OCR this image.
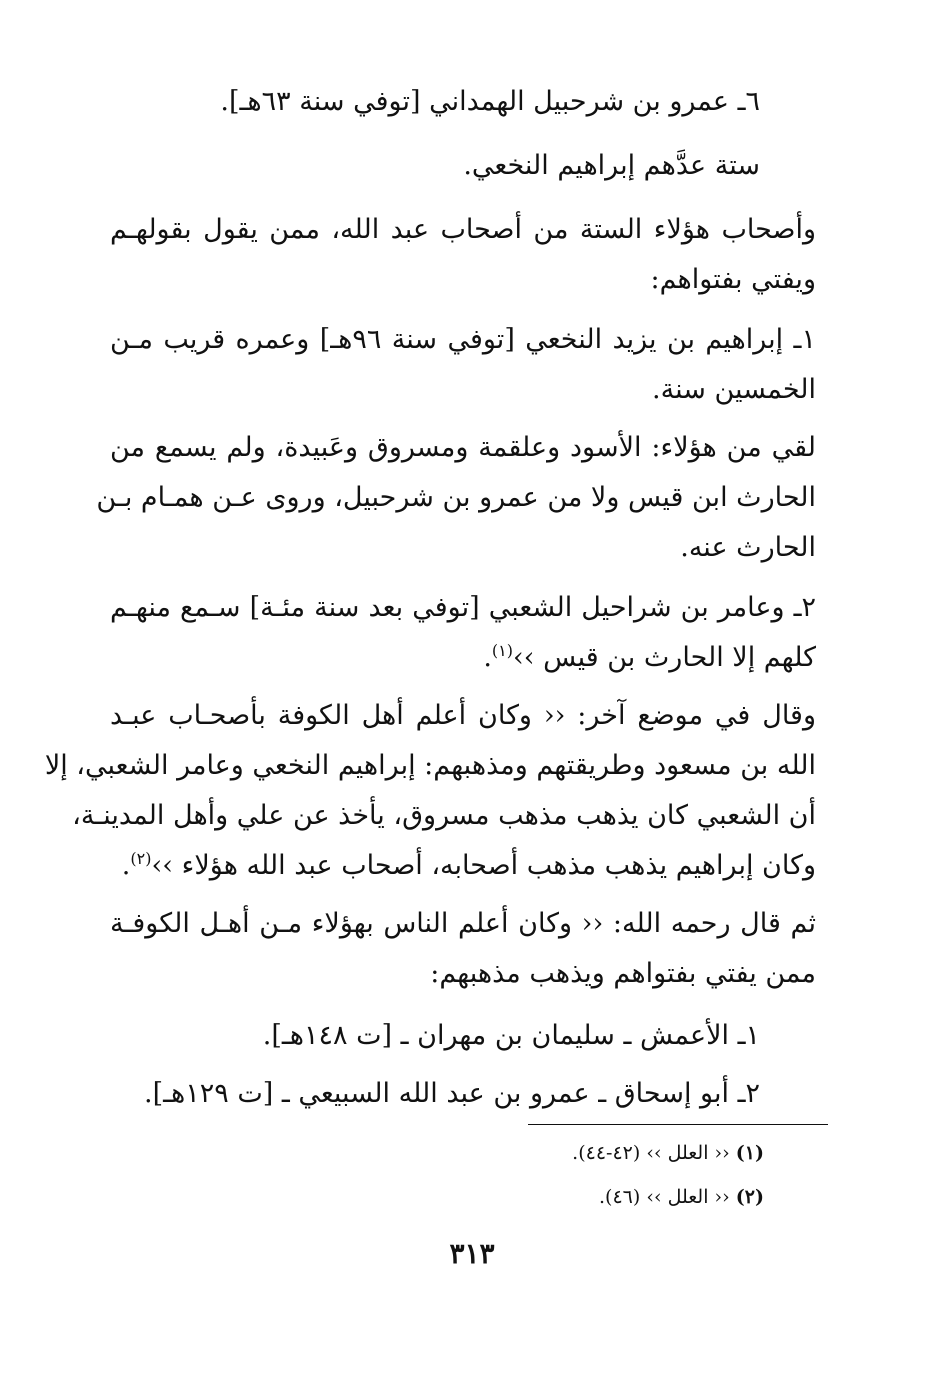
٦ـ عمرو بن شرحبيل الهمداني [توفي سنة ٦٣هـ].
ستة عدَّهم إبراهيم النخعي.
وأصحاب هؤلاء الستة من أصحاب عبد الله، ممن يقول بقولهـم
ويفتي بفتواهم:
١ـ إبراهيم بن يزيد النخعي [توفي سنة ٩٦هـ] وعمره قريب مـن
الخمسين سنة.
لقي من هؤلاء: الأسود وعلقمة ومسروق وعَبيدة، ولم يسمع من
الحارث ابن قيس ولا من عمرو بن شرحبيل، وروى عـن همـام بـن
الحارث عنه.
٢ـ وعامر بن شراحيل الشعبي [توفي بعد سنة مئـة] سـمع منهـم
كلهم إلا الحارث بن قيس ››$^{(١)}$.
وقال في موضع آخر: ‹‹ وكان أعلم أهل الكوفة بأصحـاب عبـد
الله بن مسعود وطريقتهم ومذهبهم: إبراهيم النخعي وعامر الشعبي، إلا
أن الشعبي كان يذهب مذهب مسروق، يأخذ عن علي وأهل المدينـة،
وكان إبراهيم يذهب مذهب أصحابه، أصحاب عبد الله هؤلاء ››$^{(٢)}$.
ثم قال رحمه الله: ‹‹ وكان أعلم الناس بهؤلاء مـن أهـل الكوفـة
ممن يفتي بفتواهم ويذهب مذهبهم:
١ـ الأعمش ـ سليمان بن مهران ـ [ت ١٤٨هـ].
٢ـ أبو إسحاق ـ عمرو بن عبد الله السبيعي ـ [ت ١٢٩هـ].
(١) ‹‹ العلل ›› (٤٢-٤٤).
(٢) ‹‹ العلل ›› (٤٦).
٣١٣
